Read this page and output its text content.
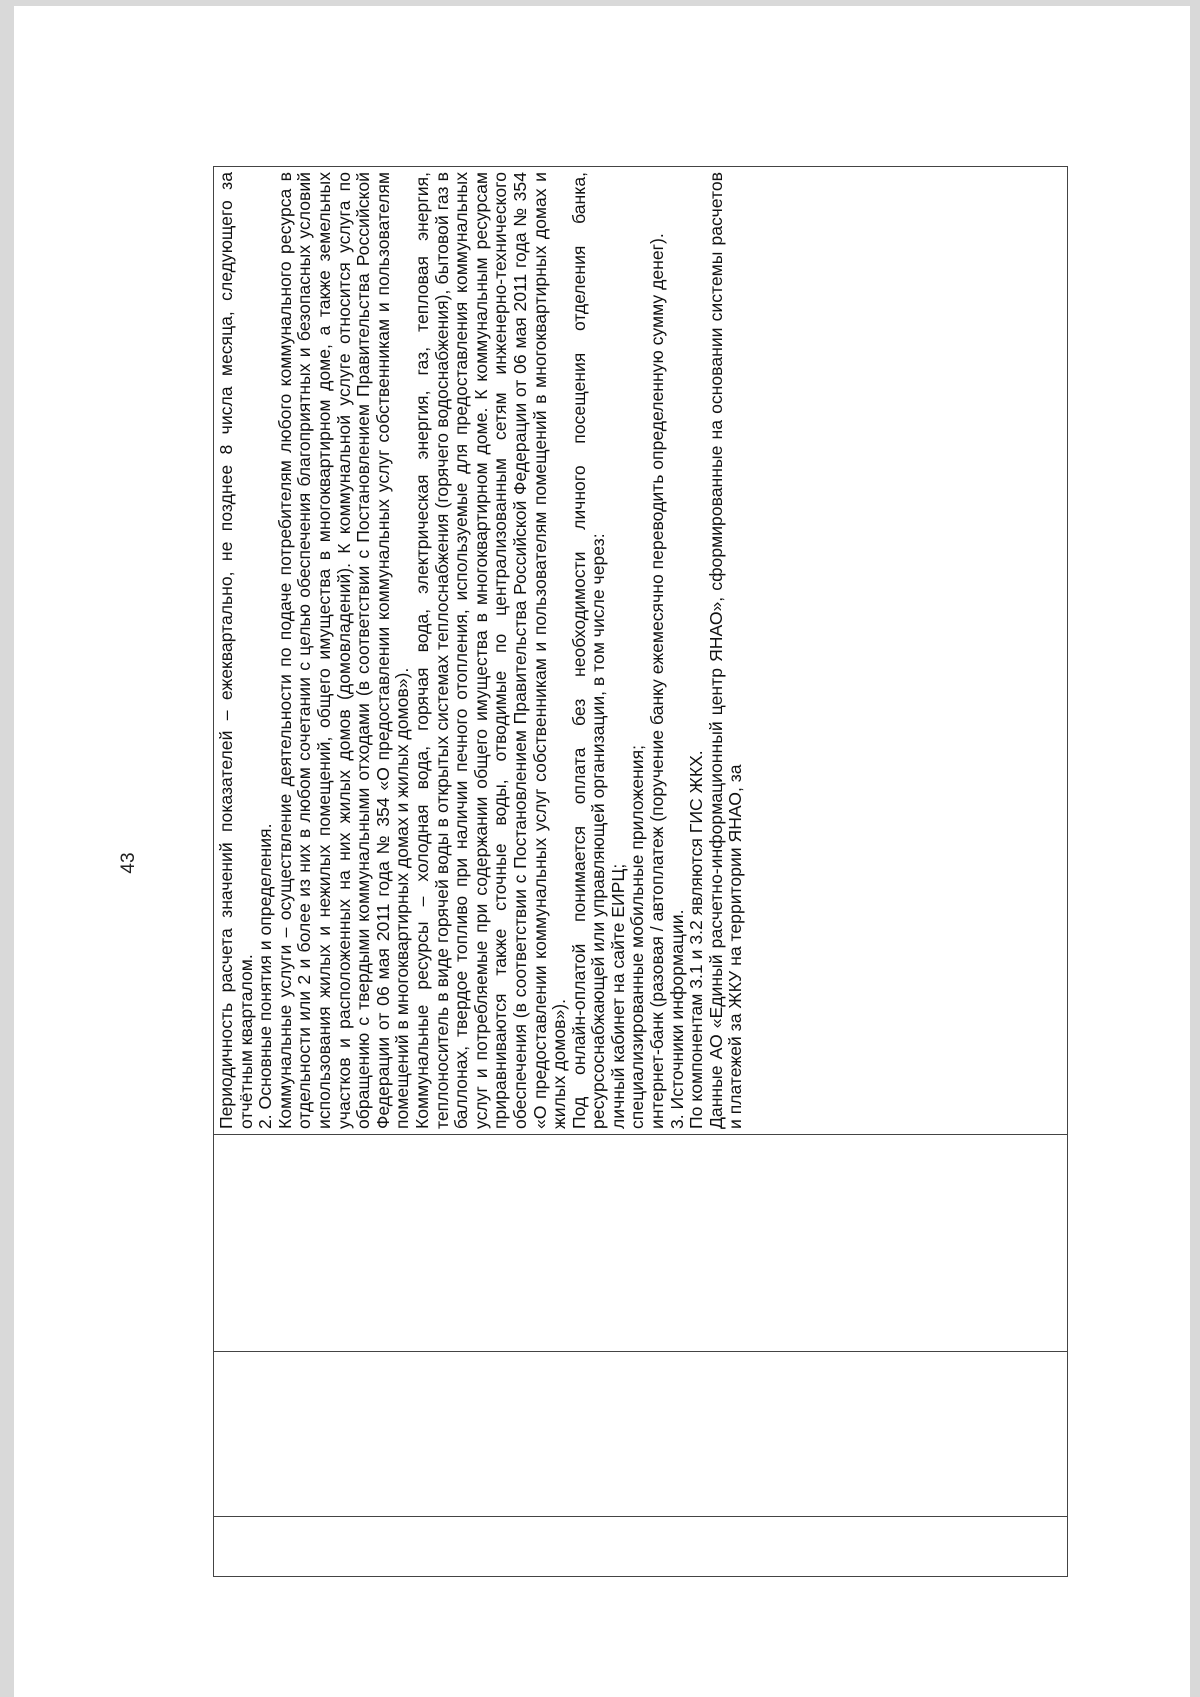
43
				Периодичность расчета значений показателей – ежеквартально, не позднее 8 числа месяца, следующего за отчётным кварталом. 2. Основные понятия и определения. Коммунальные услуги – осуществление деятельности по подаче потребителям любого коммунального ресурса в отдельности или 2 и более из них в любом сочетании с целью обеспечения благоприятных и безопасных условий использования жилых и нежилых помещений, общего имущества в многоквартирном доме, а также земельных участков и расположенных на них жилых домов (домовладений). К коммунальной услуге относится услуга по обращению с твердыми коммунальными отходами (в соответствии с Постановлением Правительства Российской Федерации от 06 мая 2011 года № 354 «О предоставлении коммунальных услуг собственникам и пользователям помещений в многоквартирных домах и жилых домов»). Коммунальные ресурсы – холодная вода, горячая вода, электрическая энергия, газ, тепловая энергия, теплоноситель в виде горячей воды в открытых системах теплоснабжения (горячего водоснабжения), бытовой газ в баллонах, твердое топливо при наличии печного отопления, используемые для предоставления коммунальных услуг и потребляемые при содержании общего имущества в многоквартирном доме. К коммунальным ресурсам приравниваются также сточные воды, отводимые по централизованным сетям инженерно-технического обеспечения (в соответствии с Постановлением Правительства Российской Федерации от 06 мая 2011 года № 354 «О предоставлении коммунальных услуг собственникам и пользователям помещений в многоквартирных домах и жилых домов»). Под онлайн-оплатой понимается оплата без необходимости личного посещения отделения банка, ресурсоснабжающей или управляющей организации, в том числе через: личный кабинет на сайте ЕИРЦ; специализированные мобильные приложения; интернет-банк (разовая / автоплатеж (поручение банку ежемесячно переводить определенную сумму денег). 3. Источники информации. По компонентам 3.1 и 3.2 являются ГИС ЖКХ. Данные АО «Единый расчетно-информационный центр ЯНАО», сформированные на основании системы расчетов и платежей за ЖКУ на территории ЯНАО, за
